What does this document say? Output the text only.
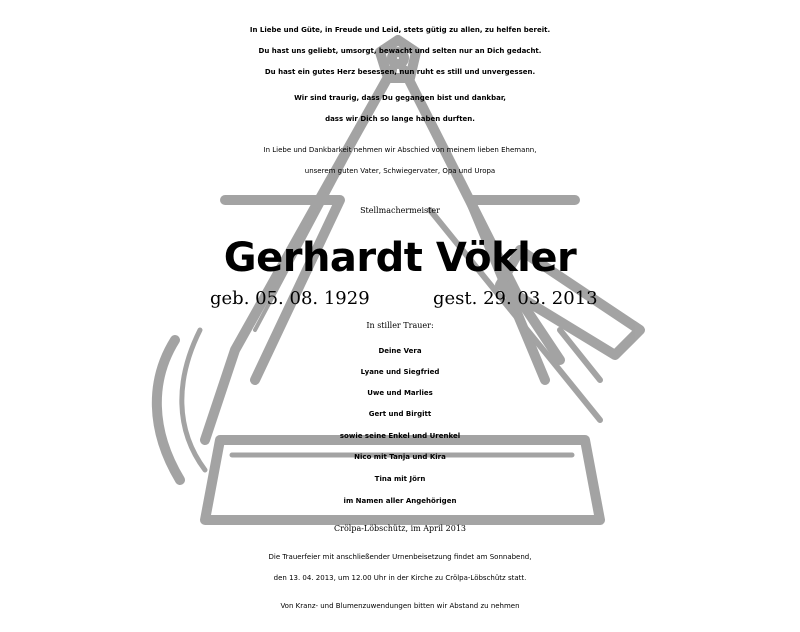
In Liebe und Güte, in Freude und Leid, stets gütig zu allen, zu helfen bereit.
Du hast uns geliebt, umsorgt, bewacht und selten nur an Dich gedacht.
Du hast ein gutes Herz besessen, nun ruht es still und unvergessen.
Wir sind traurig, dass Du gegangen bist und dankbar,
dass wir Dich so lange haben durften.
In Liebe und Dankbarkeit nehmen wir Abschied von meinem lieben Ehemann,
unserem guten Vater, Schwiegervater, Opa und Uropa
Stellmachermeister
Gerhardt Vökler
geb. 05. 08. 1929	gest. 29. 03. 2013
In stiller Trauer:
Deine Vera
Lyane und Siegfried
Uwe und Marlies
Gert und Birgitt
sowie seine Enkel und Urenkel
Nico mit Tanja und Kira
Tina mit Jörn
im Namen aller Angehörigen
Crölpa-Löbschütz, im April 2013
Die Trauerfeier mit anschließender Urnenbeisetzung findet am Sonnabend,
den 13. 04. 2013, um 12.00 Uhr in der Kirche zu Crölpa-Löbschütz statt.
Von Kranz- und Blumenzuwendungen bitten wir Abstand zu nehmen
